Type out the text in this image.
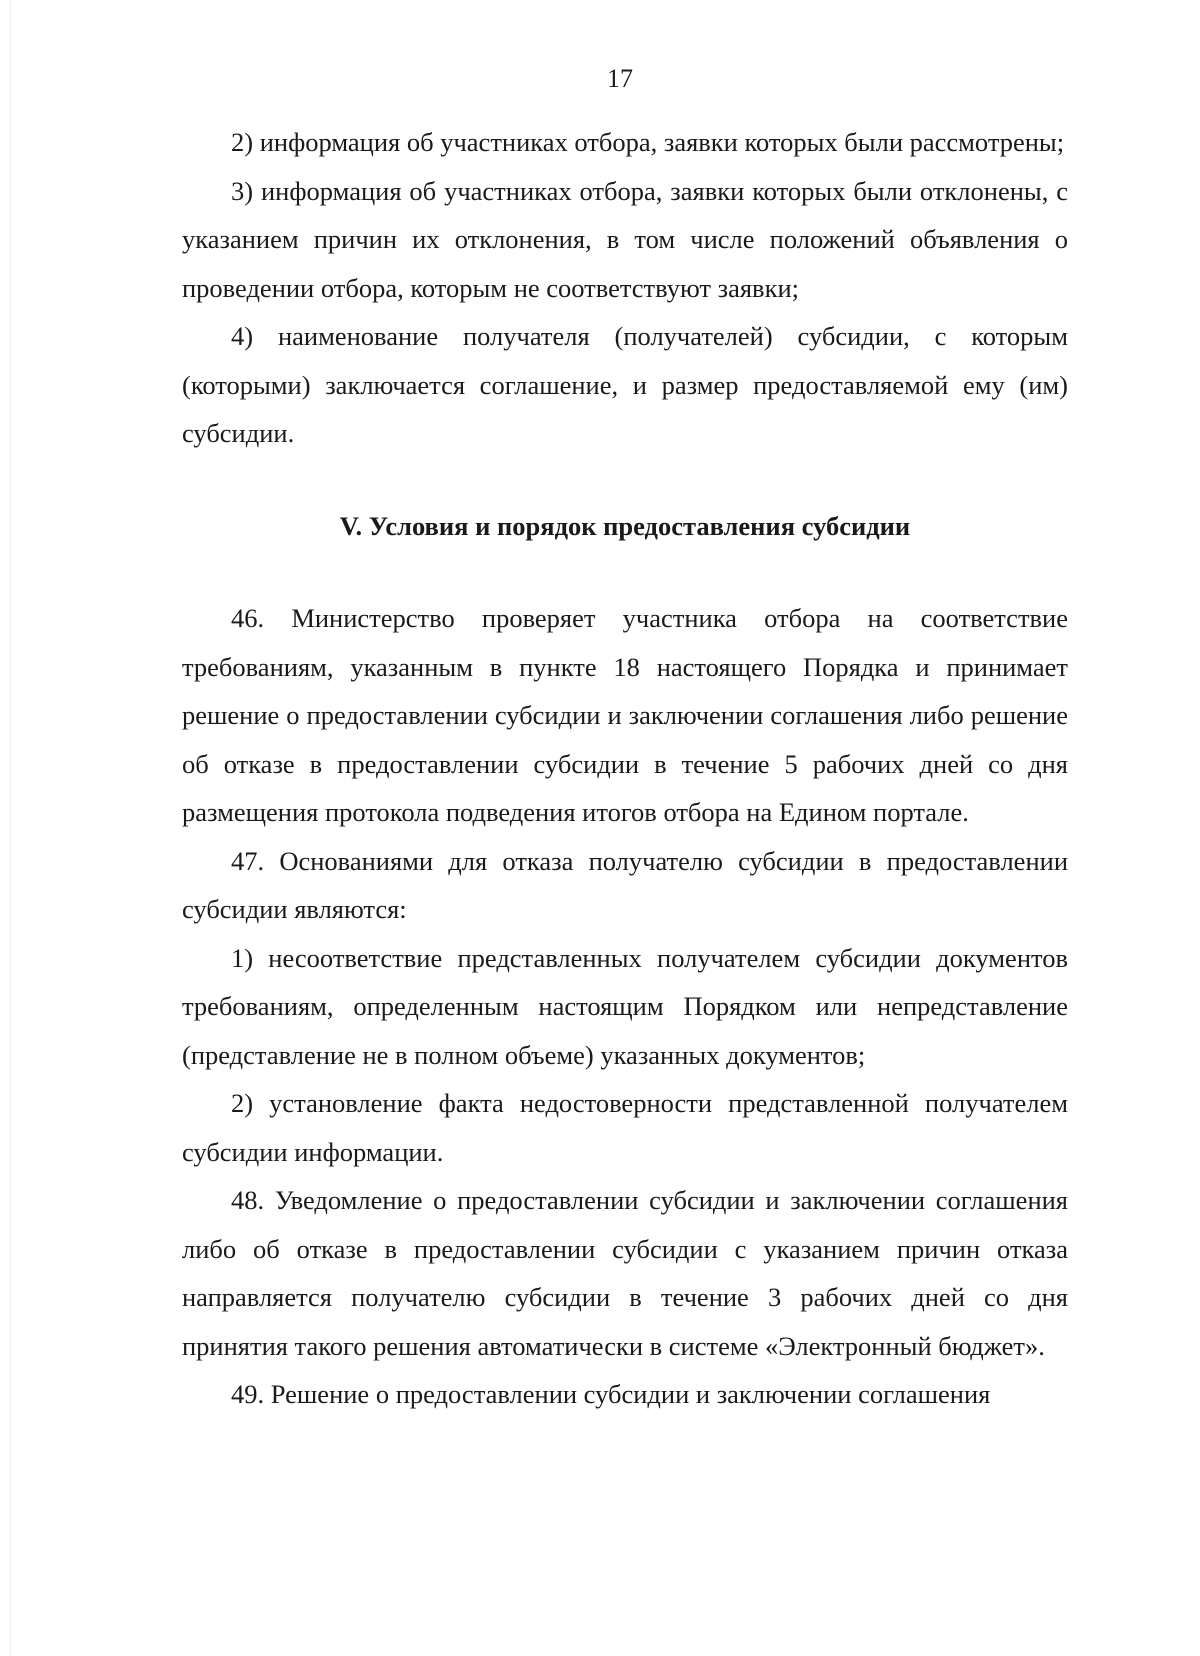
17

2) информация об участниках отбора, заявки которых были рассмотрены;

3) информация об участниках отбора, заявки которых были отклонены, с указанием причин их отклонения, в том числе положений объявления о проведении отбора, которым не соответствуют заявки;

4) наименование получателя (получателей) субсидии, с которым (которыми) заключается соглашение, и размер предоставляемой ему (им) субсидии.

V. Условия и порядок предоставления субсидии

46. Министерство проверяет участника отбора на соответствие требованиям, указанным в пункте 18 настоящего Порядка и принимает решение о предоставлении субсидии и заключении соглашения либо решение об отказе в предоставлении субсидии в течение 5 рабочих дней со дня размещения протокола подведения итогов отбора на Едином портале.

47. Основаниями для отказа получателю субсидии в предоставлении субсидии являются:

1) несоответствие представленных получателем субсидии документов требованиям, определенным настоящим Порядком или непредставление (представление не в полном объеме) указанных документов;

2) установление факта недостоверности представленной получателем субсидии информации.

48. Уведомление о предоставлении субсидии и заключении соглашения либо об отказе в предоставлении субсидии с указанием причин отказа направляется получателю субсидии в течение 3 рабочих дней со дня принятия такого решения автоматически в системе «Электронный бюджет».

49. Решение о предоставлении субсидии и заключении соглашения
